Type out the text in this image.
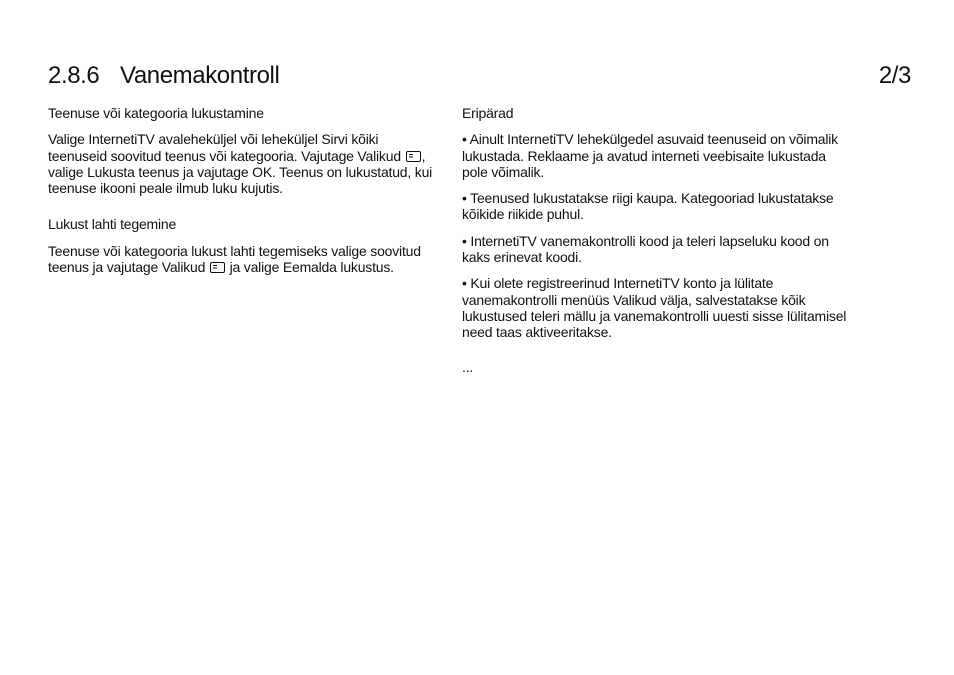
2.8.6 Vanemakontroll	2/3
Teenuse või kategooria lukustamine
Valige InternetiTV avaleheküljel või leheküljel Sirvi kõiki teenuseid soovitud teenus või kategooria. Vajutage Valikud , valige Lukusta teenus ja vajutage OK. Teenus on lukustatud, kui teenuse ikooni peale ilmub luku kujutis.
Lukust lahti tegemine
Teenuse või kategooria lukust lahti tegemiseks valige soovitud teenus ja vajutage Valikud  ja valige Eemalda lukustus.
Eripärad
• Ainult InternetiTV lehekülgedel asuvaid teenuseid on võimalik lukustada. Reklaame ja avatud interneti veebisaite lukustada pole võimalik.
• Teenused lukustatakse riigi kaupa. Kategooriad lukustatakse kõikide riikide puhul.
• InternetiTV vanemakontrolli kood ja teleri lapseluku kood on kaks erinevat koodi.
• Kui olete registreerinud InternetiTV konto ja lülitate vanemakontrolli menüüs Valikud välja, salvestatakse kõik lukustused teleri mällu ja vanemakontrolli uuesti sisse lülitamisel need taas aktiveeritakse.
...
